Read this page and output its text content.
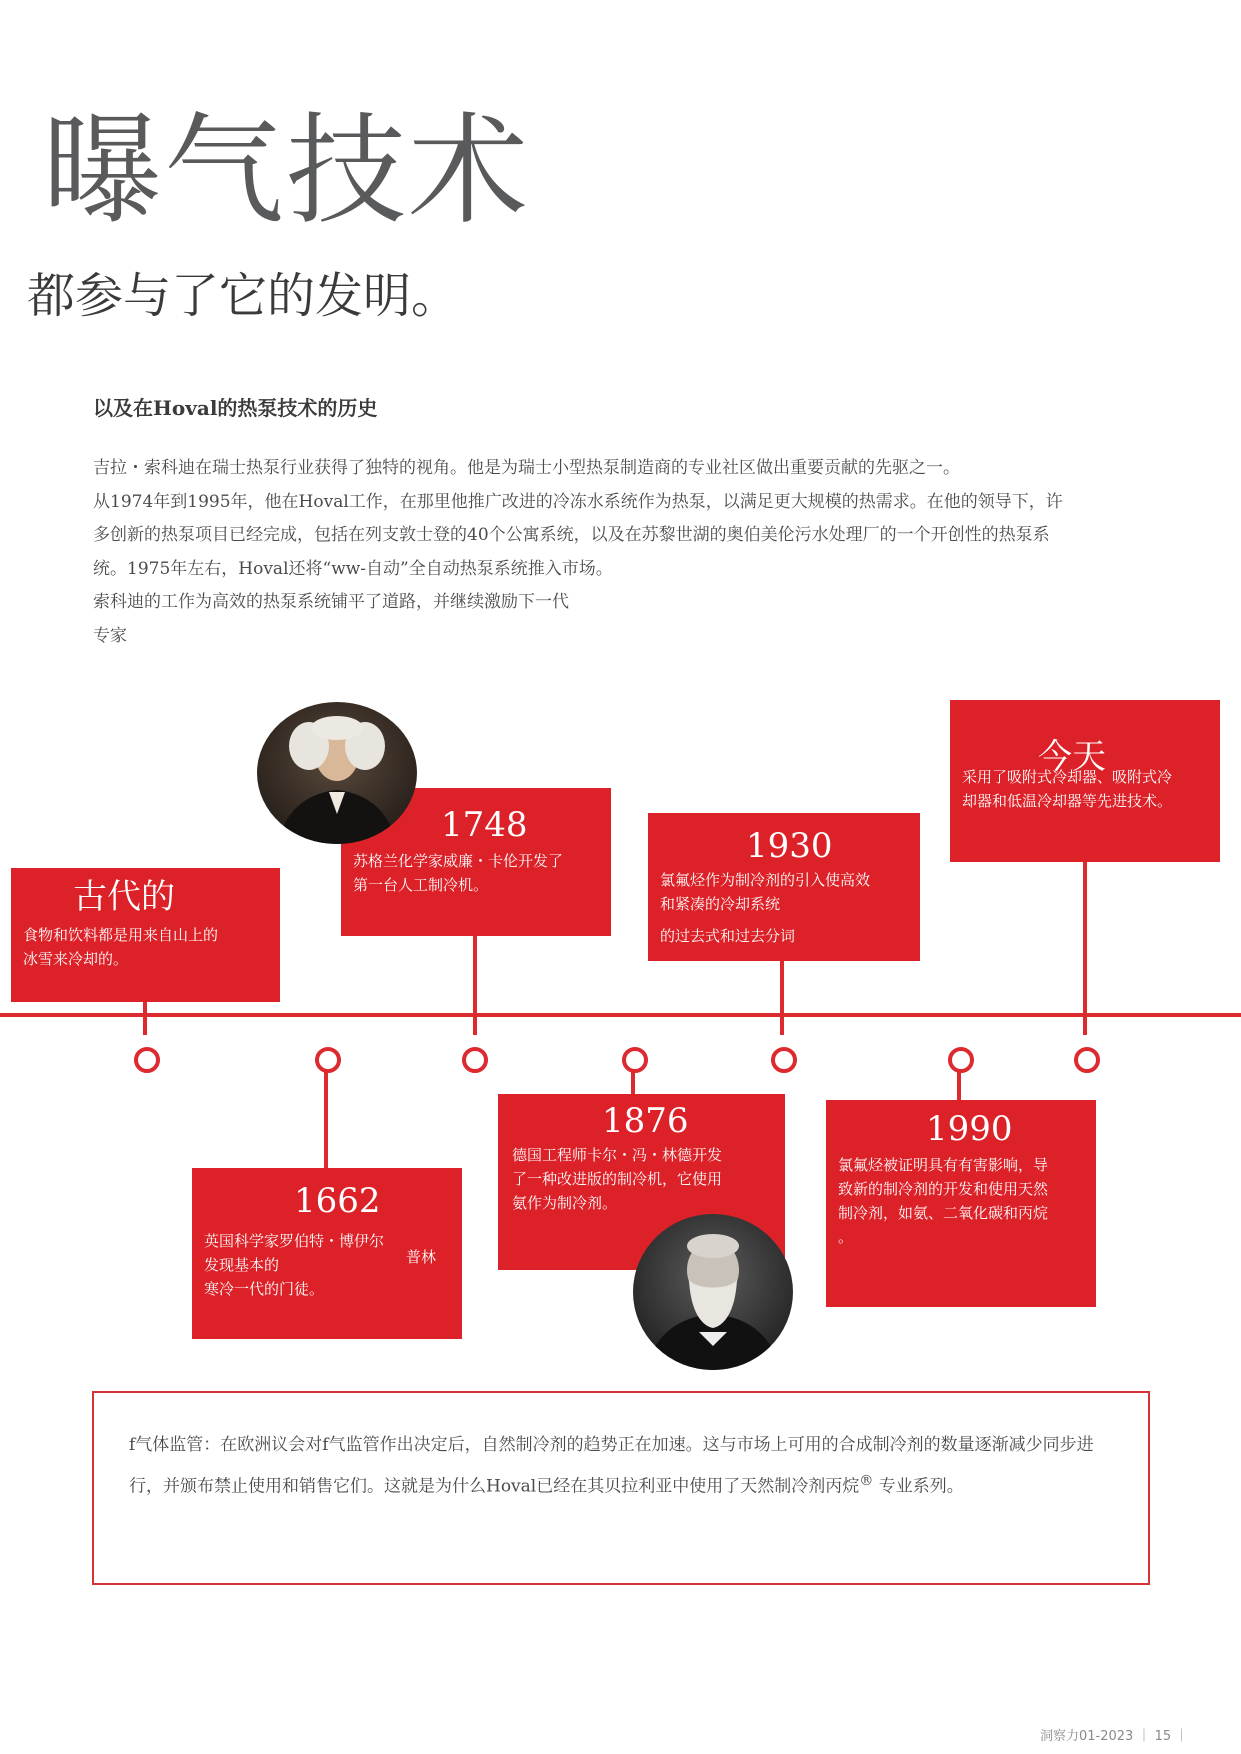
曝气技术
都参与了它的发明。
以及在Hoval的热泵技术的历史

吉拉・索科迪在瑞士热泵行业获得了独特的视角。他是为瑞士小型热泵制造商的专业社区做出重要贡献的先驱之一。

从1974年到1995年，他在Hoval工作，在那里他推广改进的冷冻水系统作为热泵，以满足更大规模的热需求。在他的领导下，许

多创新的热泵项目已经完成，包括在列支敦士登的40个公寓系统，以及在苏黎世湖的奥伯美伦污水处理厂的一个开创性的热泵系

统。1975年左右，Hoval还将“ww-自动”全自动热泵系统推入市场。

索科迪的工作为高效的热泵系统铺平了道路，并继续激励下一代

专家

古代的
食物和饮料都是用来自山上的
冰雪来冷却的。
1748
苏格兰化学家威廉・卡伦开发了
第一台人工制冷机。
1930
氯氟烃作为制冷剂的引入使高效
和紧凑的冷却系统
的过去式和过去分词
今天
采用了吸附式冷却器、吸附式冷
却器和低温冷却器等先进技术。
1662
英国科学家罗伯特・博伊尔
发现基本的
寒冷一代的门徒。
普林
1876
德国工程师卡尔・冯・林德开发
了一种改进版的制冷机，它使用
氨作为制冷剂。
1990
氯氟烃被证明具有有害影响，导
致新的制冷剂的开发和使用天然
制冷剂，如氨、二氧化碳和丙烷
。
f气体监管：在欧洲议会对f气监管作出决定后，自然制冷剂的趋势正在加速。这与市场上可用的合成制冷剂的数量逐渐减少同步进行，并颁布禁止使用和销售它们。这就是为什么Hoval已经在其贝拉利亚中使用了天然制冷剂丙烷® 专业系列。
洞察力01-2023 ｜ 15 ｜
